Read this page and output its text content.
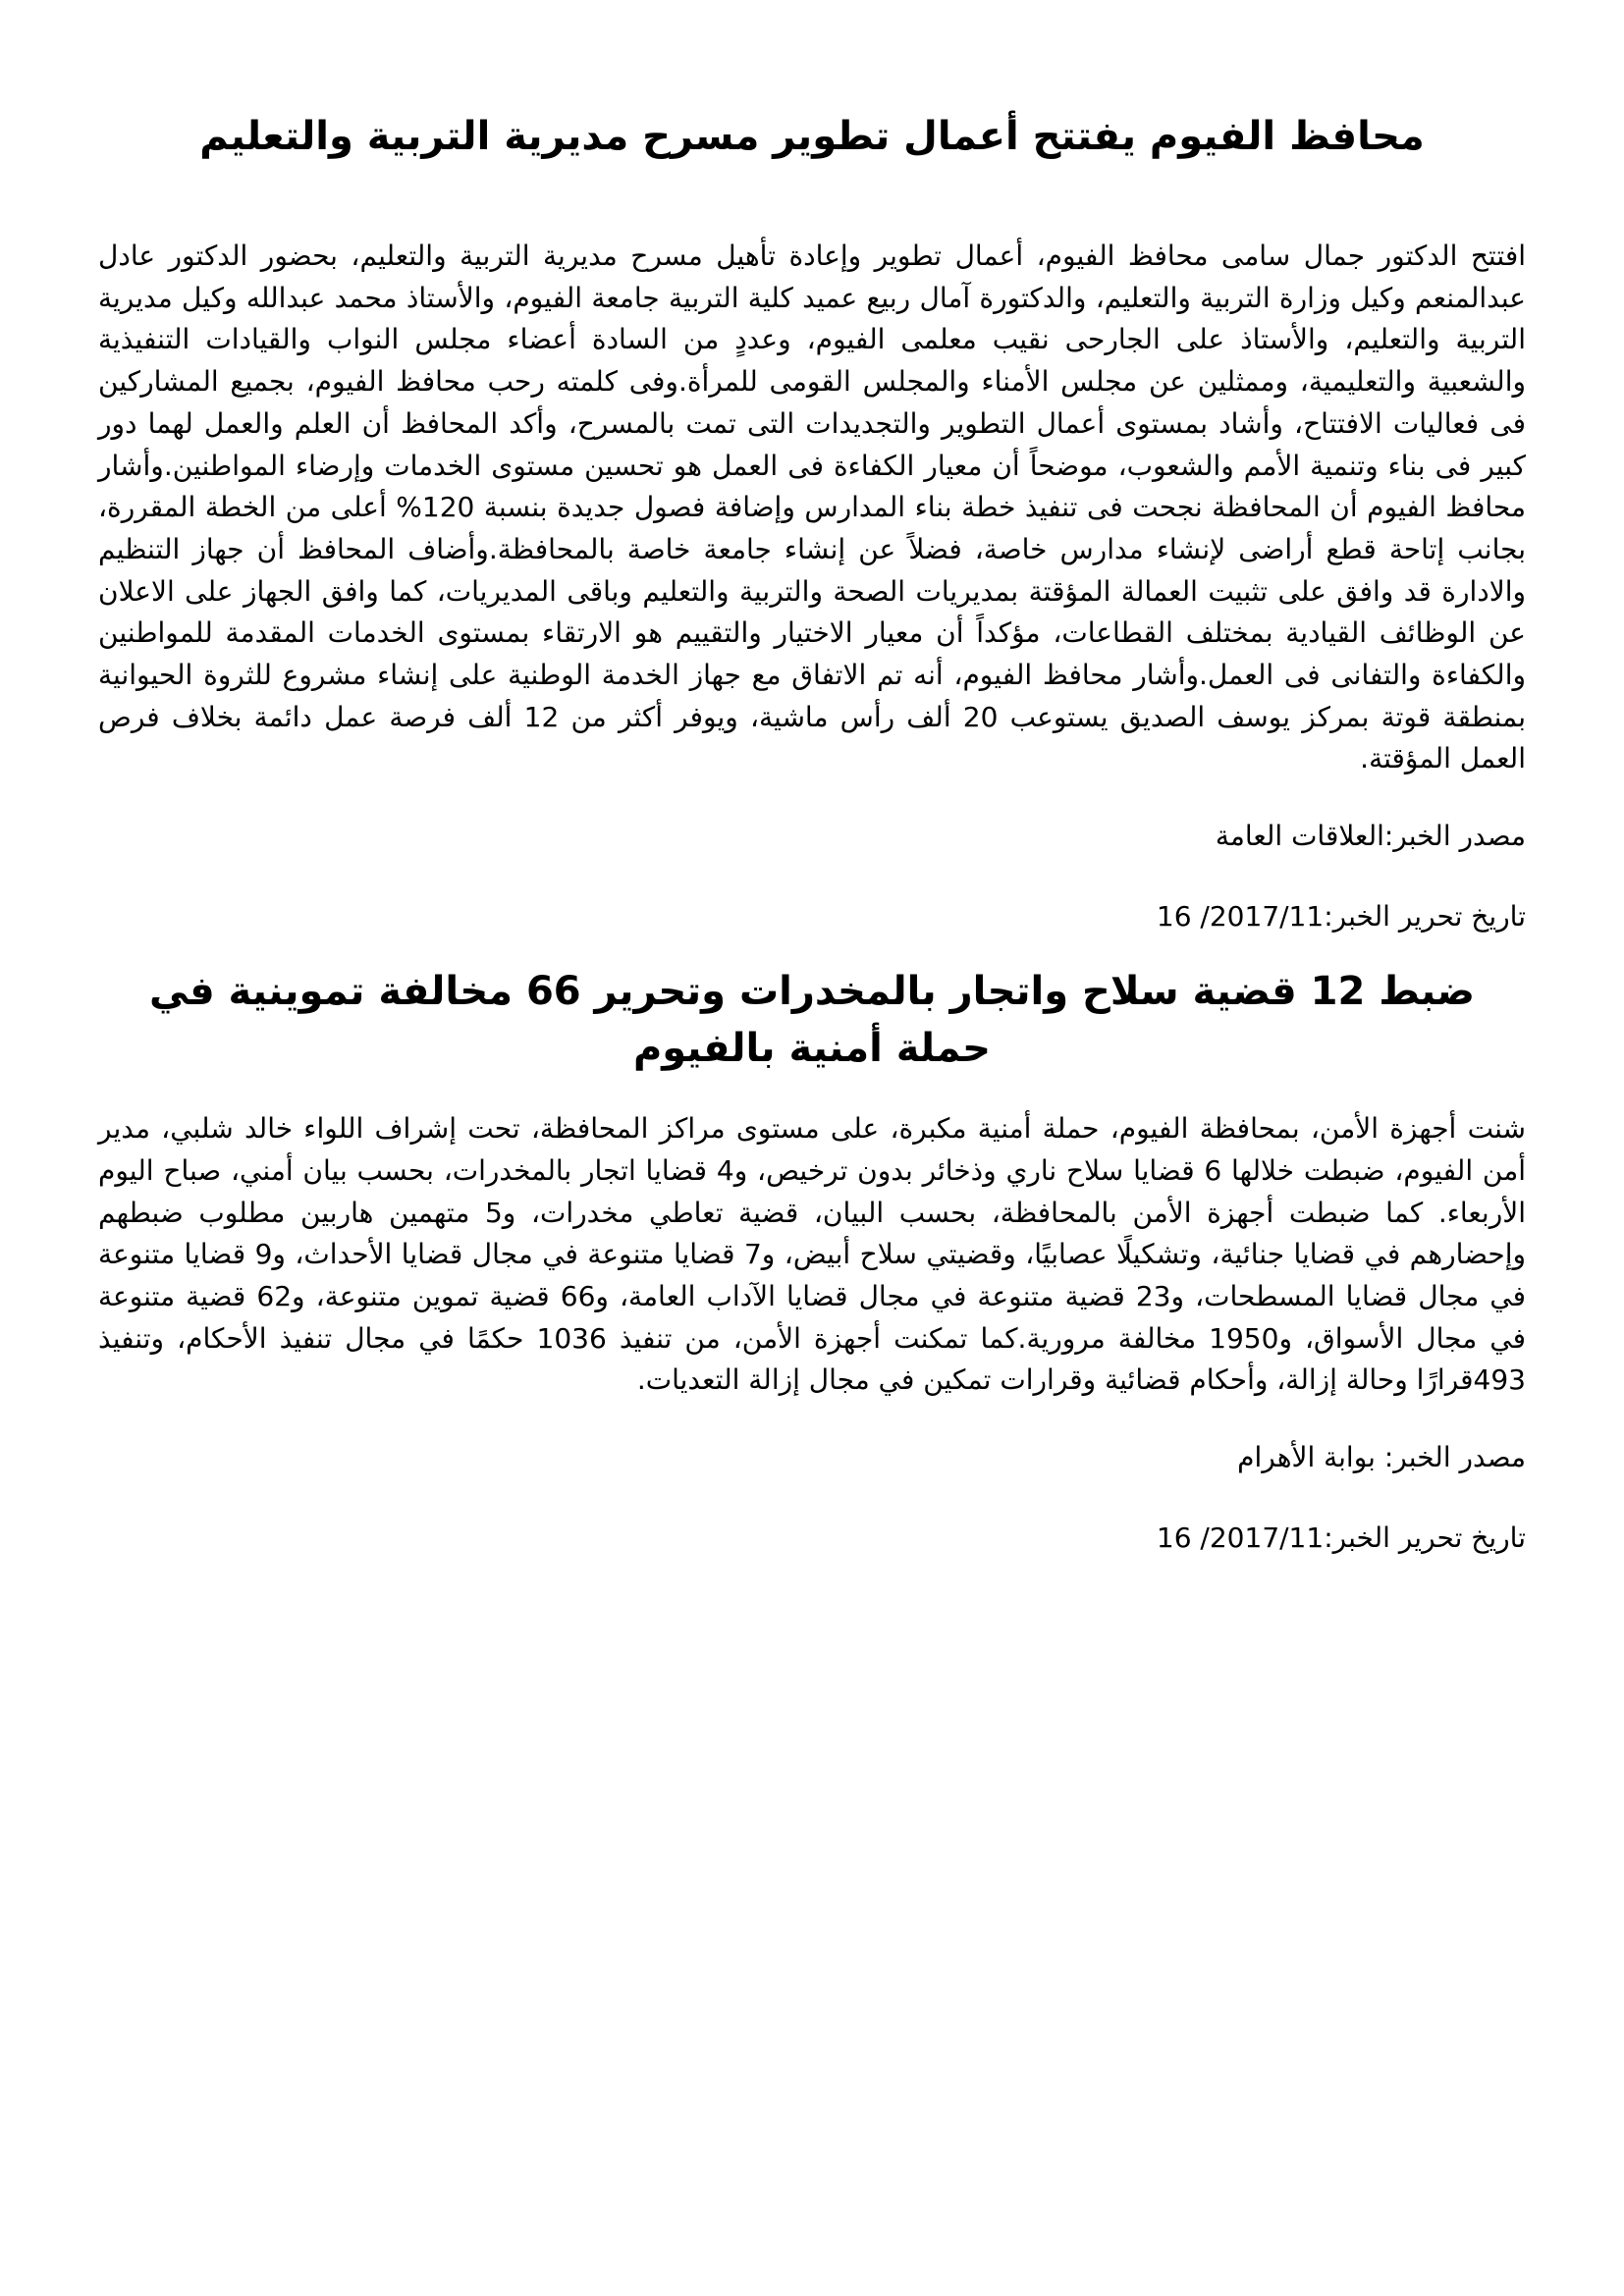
محافظ الفيوم يفتتح أعمال تطوير مسرح مديرية التربية والتعليم

افتتح الدكتور جمال سامى محافظ الفيوم، أعمال تطوير وإعادة تأهيل مسرح مديرية التربية والتعليم، بحضور الدكتور عادل عبدالمنعم وكيل وزارة التربية والتعليم، والدكتورة آمال ربيع عميد كلية التربية جامعة الفيوم، والأستاذ محمد عبدالله وكيل مديرية التربية والتعليم، والأستاذ على الجارحى نقيب معلمى الفيوم، وعددٍ من السادة أعضاء مجلس النواب والقيادات التنفيذية والشعبية والتعليمية، وممثلين عن مجلس الأمناء والمجلس القومى للمرأة.وفى كلمته رحب محافظ الفيوم، بجميع المشاركين فى فعاليات الافتتاح، وأشاد بمستوى أعمال التطوير والتجديدات التى تمت بالمسرح، وأكد المحافظ أن العلم والعمل لهما دور كبير فى بناء وتنمية الأمم والشعوب، موضحاً أن معيار الكفاءة فى العمل هو تحسين مستوى الخدمات وإرضاء المواطنين.وأشار محافظ الفيوم أن المحافظة نجحت فى تنفيذ خطة بناء المدارس وإضافة فصول جديدة بنسبة 120% أعلى من الخطة المقررة، بجانب إتاحة قطع أراضى لإنشاء مدارس خاصة، فضلاً عن إنشاء جامعة خاصة بالمحافظة.وأضاف المحافظ أن جهاز التنظيم والادارة قد وافق على تثبيت العمالة المؤقتة بمديريات الصحة والتربية والتعليم وباقى المديريات، كما وافق الجهاز على الاعلان عن الوظائف القيادية بمختلف القطاعات، مؤكداً أن معيار الاختيار والتقييم هو الارتقاء بمستوى الخدمات المقدمة للمواطنين والكفاءة والتفانى فى العمل.وأشار محافظ الفيوم، أنه تم الاتفاق مع جهاز الخدمة الوطنية على إنشاء مشروع للثروة الحيوانية بمنطقة قوتة بمركز يوسف الصديق يستوعب 20 ألف رأس ماشية، ويوفر أكثر من 12 ألف فرصة عمل دائمة بخلاف فرص العمل المؤقتة.

مصدر الخبر:العلاقات العامة

تاريخ تحرير الخبر:16 /2017/11

ضبط 12 قضية سلاح واتجار بالمخدرات وتحرير 66 مخالفة تموينية في حملة أمنية بالفيوم

شنت أجهزة الأمن، بمحافظة الفيوم، حملة أمنية مكبرة، على مستوى مراكز المحافظة، تحت إشراف اللواء خالد شلبي، مدير أمن الفيوم، ضبطت خلالها 6 قضايا سلاح ناري وذخائر بدون ترخيص، و4 قضايا اتجار بالمخدرات، بحسب بيان أمني، صباح اليوم الأربعاء. كما ضبطت أجهزة الأمن بالمحافظة، بحسب البيان، قضية تعاطي مخدرات، و5 متهمين هاربين مطلوب ضبطهم وإحضارهم في قضايا جنائية، وتشكيلًا عصابيًا، وقضيتي سلاح أبيض، و7 قضايا متنوعة في مجال قضايا الأحداث، و9 قضايا متنوعة في مجال قضايا المسطحات، و23 قضية متنوعة في مجال قضايا الآداب العامة، و66 قضية تموين متنوعة، و62 قضية متنوعة في مجال الأسواق، و1950 مخالفة مرورية.كما تمكنت أجهزة الأمن، من تنفيذ 1036 حكمًا في مجال تنفيذ الأحكام، وتنفيذ 493قرارًا وحالة إزالة، وأحكام قضائية وقرارات تمكين في مجال إزالة التعديات.

مصدر الخبر: بوابة الأهرام

تاريخ تحرير الخبر:16 /2017/11
